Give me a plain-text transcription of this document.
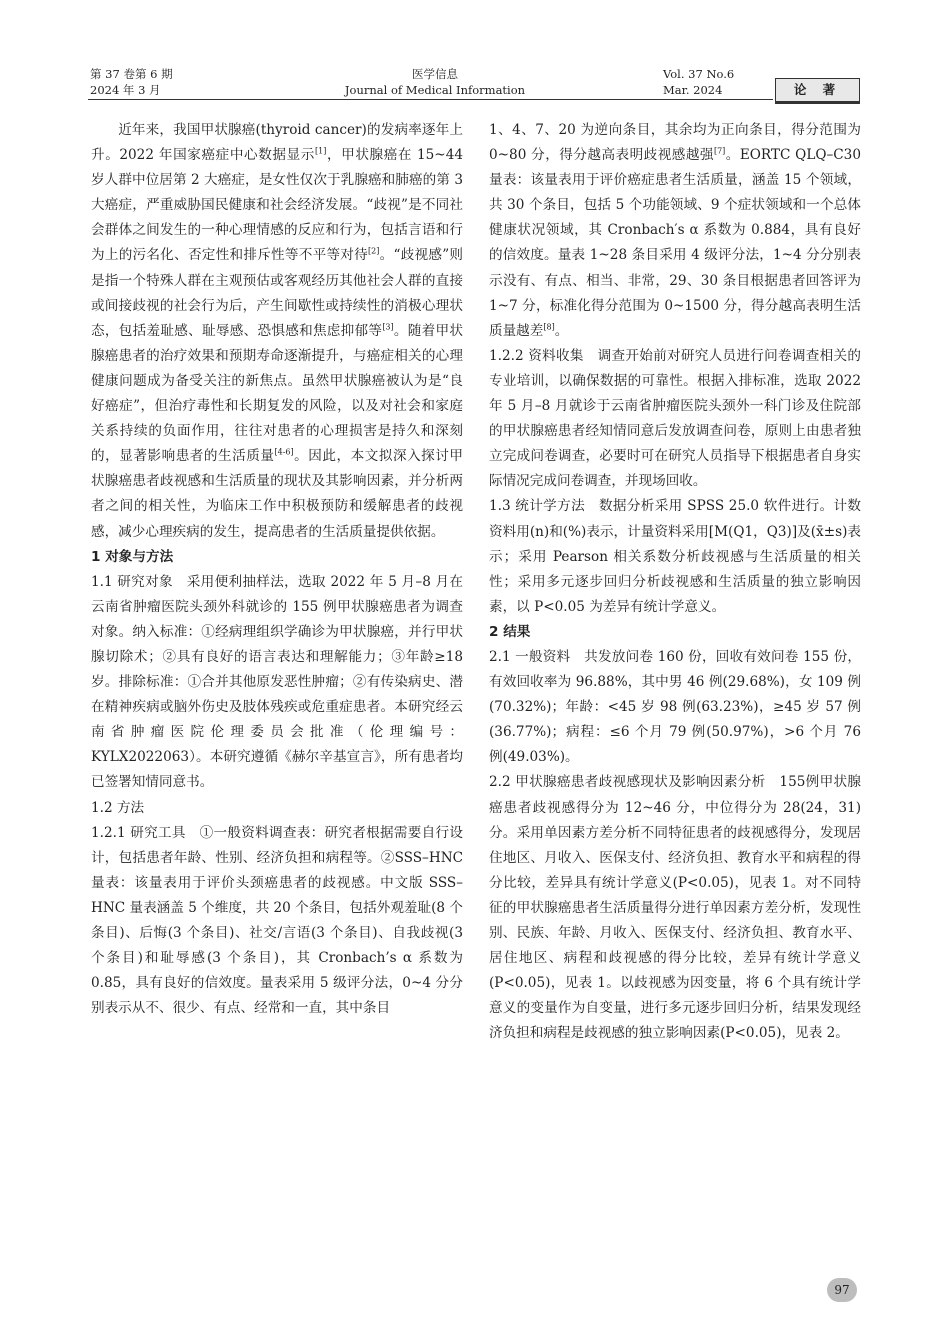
第 37 卷第 6 期
2024 年 3 月
医学信息
Journal of Medical Information
Vol. 37 No.6
Mar. 2024	论 著

近年来，我国甲状腺癌(thyroid cancer)的发病率逐年上升。2022 年国家癌症中心数据显示[1]，甲状腺癌在 15~44 岁人群中位居第 2 大癌症，是女性仅次于乳腺癌和肺癌的第 3 大癌症，严重威胁国民健康和社会经济发展。“歧视”是不同社会群体之间发生的一种心理情感的反应和行为，包括言语和行为上的污名化、否定性和排斥性等不平等对待[2]。“歧视感”则是指一个特殊人群在主观预估或客观经历其他社会人群的直接或间接歧视的社会行为后，产生间歇性或持续性的消极心理状态，包括羞耻感、耻辱感、恐惧感和焦虑抑郁等[3]。随着甲状腺癌患者的治疗效果和预期寿命逐渐提升，与癌症相关的心理健康问题成为备受关注的新焦点。虽然甲状腺癌被认为是“良好癌症”，但治疗毒性和长期复发的风险，以及对社会和家庭关系持续的负面作用，往往对患者的心理损害是持久和深刻的，显著影响患者的生活质量[4-6]。因此，本文拟深入探讨甲状腺癌患者歧视感和生活质量的现状及其影响因素，并分析两者之间的相关性，为临床工作中积极预防和缓解患者的歧视感，减少心理疾病的发生，提高患者的生活质量提供依据。

1 对象与方法

1.1 研究对象　采用便利抽样法，选取 2022 年 5 月–8 月在云南省肿瘤医院头颈外科就诊的 155 例甲状腺癌患者为调查对象。纳入标准：①经病理组织学确诊为甲状腺癌，并行甲状腺切除术；②具有良好的语言表达和理解能力；③年龄≥18 岁。排除标准：①合并其他原发恶性肿瘤；②有传染病史、潜在精神疾病或脑外伤史及肢体残疾或危重症患者。本研究经云南省肿瘤医院伦理委员会批准（伦理编号：KYLX2022063）。本研究遵循《赫尔辛基宣言》，所有患者均已签署知情同意书。

1.2 方法

1.2.1 研究工具　①一般资料调查表：研究者根据需要自行设计，包括患者年龄、性别、经济负担和病程等。②SSS–HNC 量表：该量表用于评价头颈癌患者的歧视感。中文版 SSS–HNC 量表涵盖 5 个维度，共 20 个条目，包括外观羞耻(8 个条目)、后悔(3 个条目)、社交/言语(3 个条目)、自我歧视(3 个条目)和耻辱感(3 个条目)，其 Cronbach’s α 系数为 0.85，具有良好的信效度。量表采用 5 级评分法，0~4 分分别表示从不、很少、有点、经常和一直，其中条目

1、4、7、20 为逆向条目，其余均为正向条目，得分范围为 0~80 分，得分越高表明歧视感越强[7]。EORTC QLQ–C30 量表：该量表用于评价癌症患者生活质量，涵盖 15 个领域，共 30 个条目，包括 5 个功能领域、9 个症状领域和一个总体健康状况领域，其 Cronbach′s α 系数为 0.884，具有良好的信效度。量表 1~28 条目采用 4 级评分法，1~4 分分别表示没有、有点、相当、非常，29、30 条目根据患者回答评为 1~7 分，标准化得分范围为 0~1500 分，得分越高表明生活质量越差[8]。

1.2.2 资料收集　调查开始前对研究人员进行问卷调查相关的专业培训，以确保数据的可靠性。根据入排标准，选取 2022 年 5 月–8 月就诊于云南省肿瘤医院头颈外一科门诊及住院部的甲状腺癌患者经知情同意后发放调查问卷，原则上由患者独立完成问卷调查，必要时可在研究人员指导下根据患者自身实际情况完成问卷调查，并现场回收。

1.3 统计学方法　数据分析采用 SPSS 25.0 软件进行。计数资料用(n)和(%)表示，计量资料采用[M(Q1，Q3)]及(x̄±s)表示；采用 Pearson 相关系数分析歧视感与生活质量的相关性；采用多元逐步回归分析歧视感和生活质量的独立影响因素，以 P<0.05 为差异有统计学意义。

2 结果

2.1 一般资料　共发放问卷 160 份，回收有效问卷 155 份，有效回收率为 96.88%，其中男 46 例(29.68%)，女 109 例(70.32%)；年龄：<45 岁 98 例(63.23%)，≥45 岁 57 例(36.77%)；病程：≤6 个月 79 例(50.97%)，>6 个月 76 例(49.03%)。

2.2 甲状腺癌患者歧视感现状及影响因素分析　155例甲状腺癌患者歧视感得分为 12~46 分，中位得分为 28(24，31)分。采用单因素方差分析不同特征患者的歧视感得分，发现居住地区、月收入、医保支付、经济负担、教育水平和病程的得分比较，差异具有统计学意义(P<0.05)，见表 1。对不同特征的甲状腺癌患者生活质量得分进行单因素方差分析，发现性别、民族、年龄、月收入、医保支付、经济负担、教育水平、居住地区、病程和歧视感的得分比较，差异有统计学意义(P<0.05)，见表 1。以歧视感为因变量，将 6 个具有统计学意义的变量作为自变量，进行多元逐步回归分析，结果发现经济负担和病程是歧视感的独立影响因素(P<0.05)，见表 2。

97
